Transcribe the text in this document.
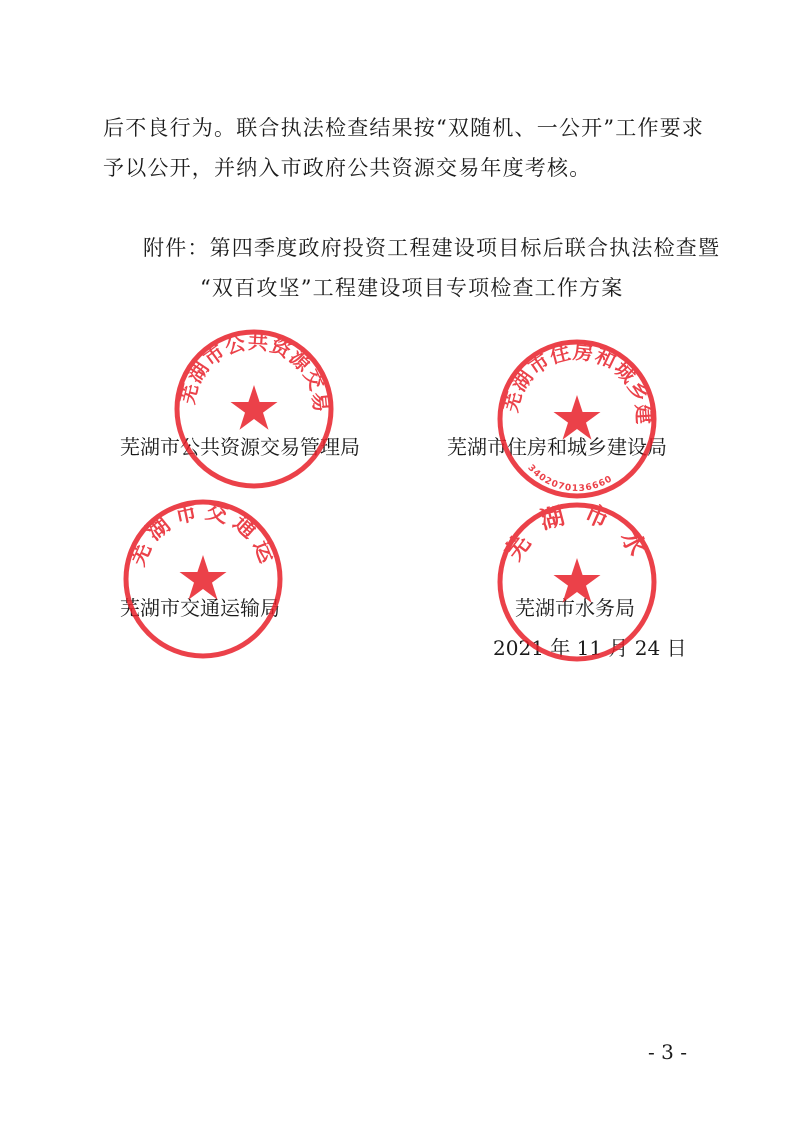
后不良行为。联合执法检查结果按“双随机、一公开”工作要求
予以公开，并纳入市政府公共资源交易年度考核。
附件：第四季度政府投资工程建设项目标后联合执法检查暨
“双百攻坚”工程建设项目专项检查工作方案
芜湖市公共资源交易管理局	芜湖市住房和城乡建设局
芜湖市交通运输局	芜湖市水务局
2021 年 11 月 24 日
芜湖市公共资源交易管理局
芜湖市住房和城乡建设局
3402070136660
芜湖市交通运输局
芜湖市水务局
- 3 -
